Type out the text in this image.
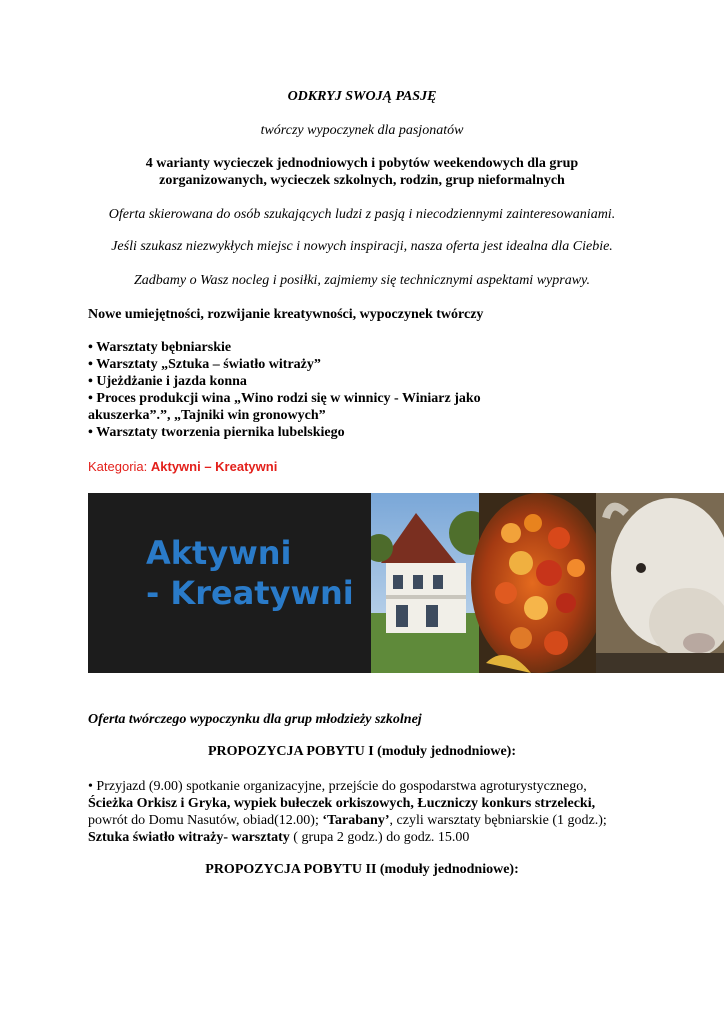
ODKRYJ SWOJĄ PASJĘ
twórczy wypoczynek dla pasjonatów
4 warianty wycieczek jednodniowych i pobytów weekendowych dla grup
zorganizowanych, wycieczek szkolnych, rodzin, grup nieformalnych
Oferta skierowana do osób szukających ludzi z pasją i niecodziennymi zainteresowaniami.
Jeśli szukasz niezwykłych miejsc i nowych inspiracji, nasza oferta jest idealna dla Ciebie.
Zadbamy o Wasz nocleg i posiłki, zajmiemy się technicznymi aspektami wyprawy.
Nowe umiejętności, rozwijanie kreatywności, wypoczynek twórczy
• Warsztaty bębniarskie
• Warsztaty „Sztuka – światło witraży”
• Ujeżdżanie i jazda konna
• Proces produkcji wina „Wino rodzi się w winnicy - Winiarz jako
akuszerka”.”, „Tajniki win gronowych”
• Warsztaty tworzenia piernika lubelskiego
Kategoria: Aktywni – Kreatywni
Aktywni
- Kreatywni
Oferta twórczego wypoczynku dla grup młodzieży szkolnej
PROPOZYCJA POBYTU I (moduły jednodniowe):
• Przyjazd (9.00) spotkanie organizacyjne, przejście do gospodarstwa agroturystycznego,
Ścieżka Orkisz i Gryka, wypiek bułeczek orkiszowych, Łuczniczy konkurs strzelecki,
powrót do Domu Nasutów, obiad(12.00); ‘Tarabany’, czyli warsztaty bębniarskie (1 godz.);
Sztuka światło witraży- warsztaty ( grupa 2 godz.) do godz. 15.00
PROPOZYCJA POBYTU II (moduły jednodniowe):
